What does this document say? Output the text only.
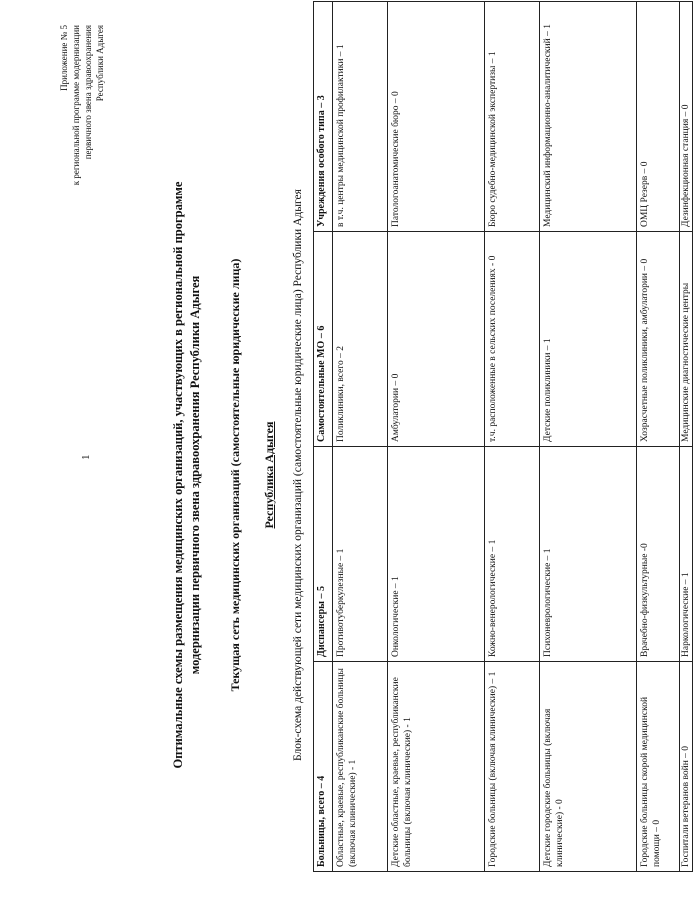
1
Приложение № 5 к региональной программе модернизации первичного звена здравоохранения Республики Адыгея
Оптимальные схемы размещения медицинских организаций, участвующих в региональной программе модернизации первичного звена здравоохранения Республики Адыгея Текущая сеть медицинских организаций (самостоятельные юридические лица) Республика Адыгея Блок-схема действующей сети медицинских организаций (самостоятельные юридические лица) Республики Адыгея
Больницы, всего – 4	Диспансеры – 5	Самостоятельные МО – 6	Учреждения особого типа – 3
Областные, краевые, республиканские больницы (включая клинические) - 1	Противотуберкулезные – 1	Поликлиники, всего – 2	в т.ч. центры медицинской профилактики – 1
Детские областные, краевые, республиканские больницы (включая клинические) - 1	Онкологические – 1	Амбулатории – 0	Патологоанатомические бюро – 0
Городские больницы (включая клинические) – 1	Кожно-венерологические – 1	т.ч. расположенные в сельских поселениях - 0	Бюро судебно-медицинской экспертизы – 1
Детские городские больницы (включая клинические) - 0	Психоневрологические – 1	Детские поликлиники – 1	Медицинский информационно-аналитический – 1
Городские больницы скорой медицинской помощи – 0	Врачебно-физкультурные -0	Хозрасчетные поликлиники, амбулатории – 0	ОМЦ Резерв – 0
Госпитали ветеранов войн – 0	Наркологические – 1	Медицинские диагностические центры	Дезинфекционная станция – 0
